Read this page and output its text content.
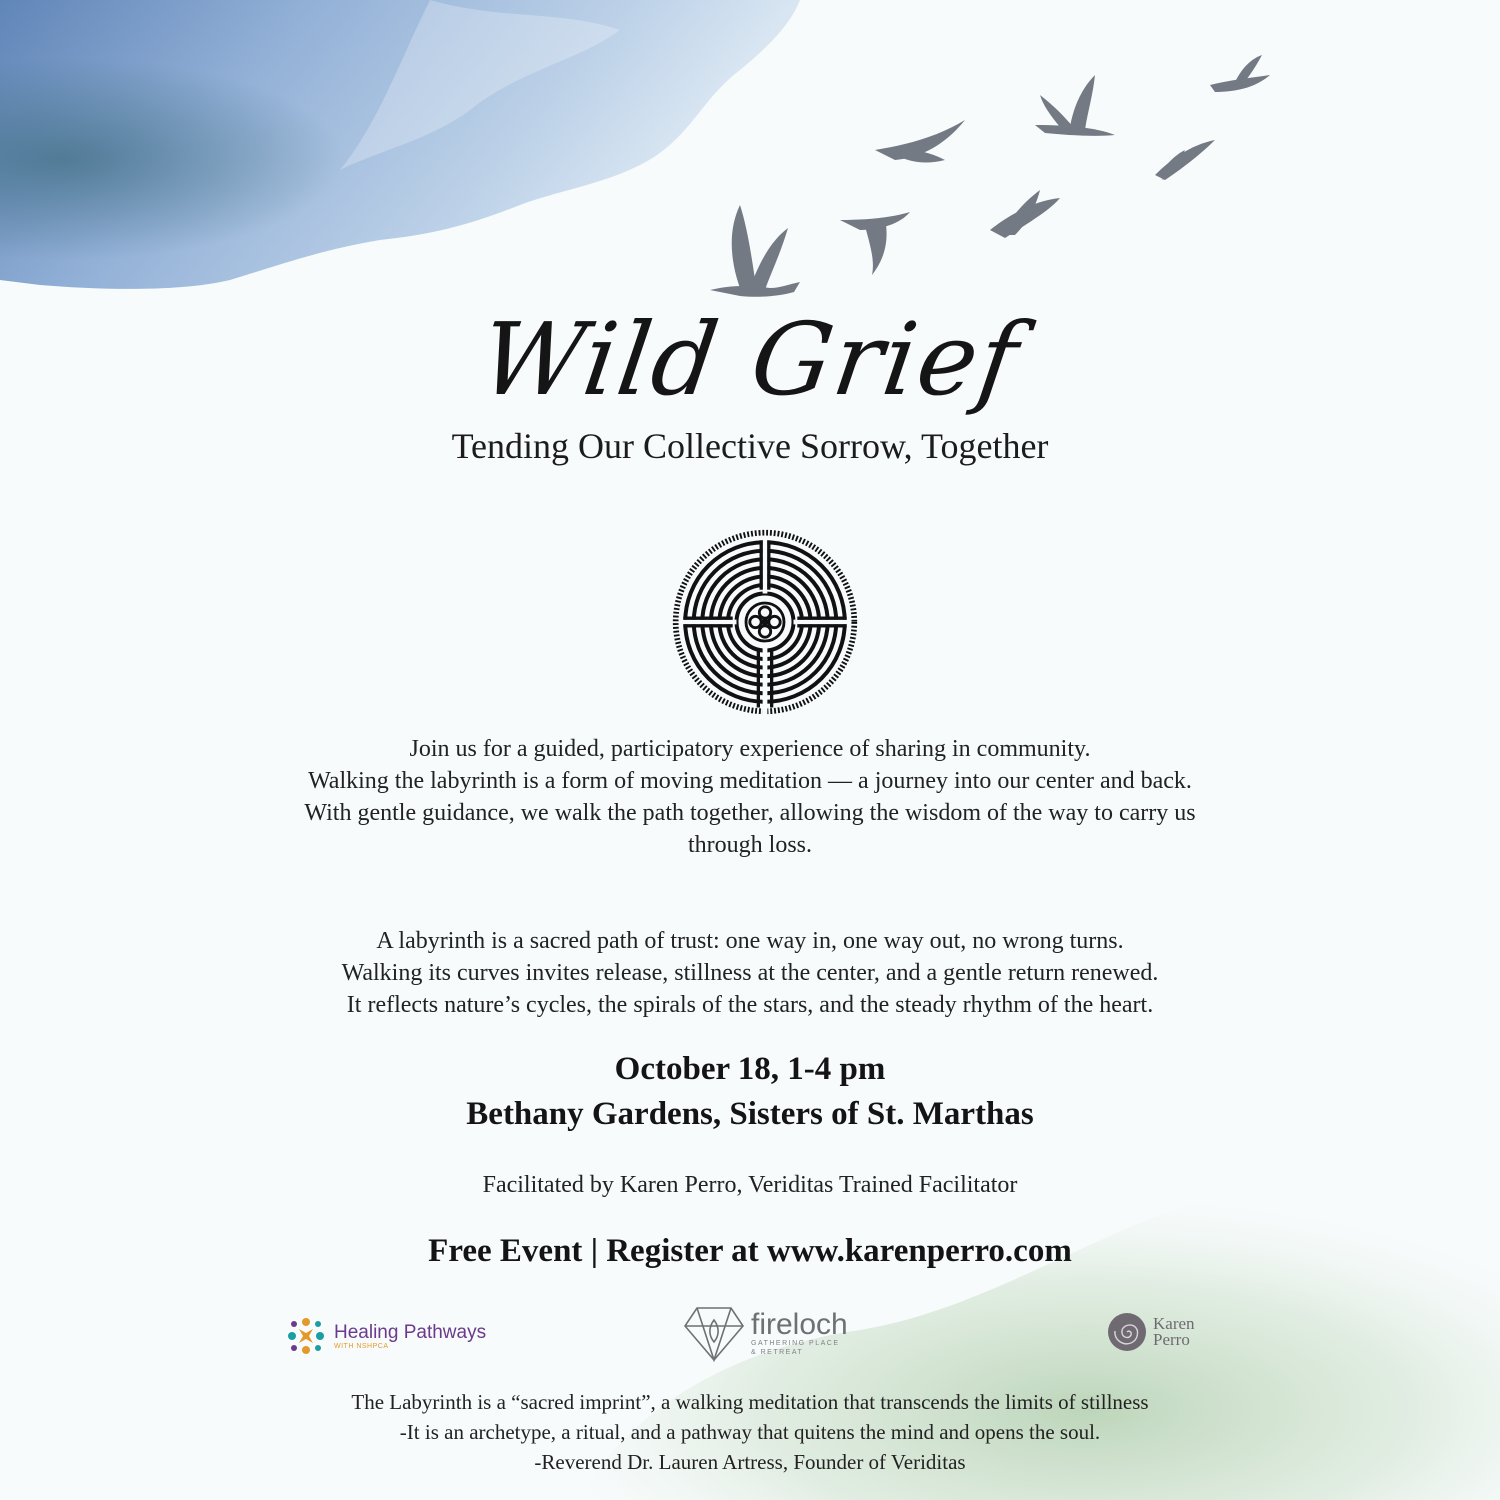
Wild Grief
Tending Our Collective Sorrow, Together

Join us for a guided, participatory experience of sharing in community.

Walking the labyrinth is a form of moving meditation — a journey into our center and back.

With gentle guidance, we walk the path together, allowing the wisdom of the way to carry us

through loss.

A labyrinth is a sacred path of trust: one way in, one way out, no wrong turns.

Walking its curves invites release, stillness at the center, and a gentle return renewed.

It reflects nature’s cycles, the spirals of the stars, and the steady rhythm of the heart.

October 18, 1-4 pm
Bethany Gardens, Sisters of St. Marthas
Facilitated by Karen Perro, Veriditas Trained Facilitator
Free Event | Register at www.karenperro.com
Healing Pathways
WITH NSHPCA
fireloch
GATHERING PLACE
& RETREAT
Karen
Perro

The Labyrinth is a “sacred imprint”, a walking meditation that transcends the limits of stillness

-It is an archetype, a ritual, and a pathway that quitens the mind and opens the soul.

-Reverend Dr. Lauren Artress, Founder of Veriditas
